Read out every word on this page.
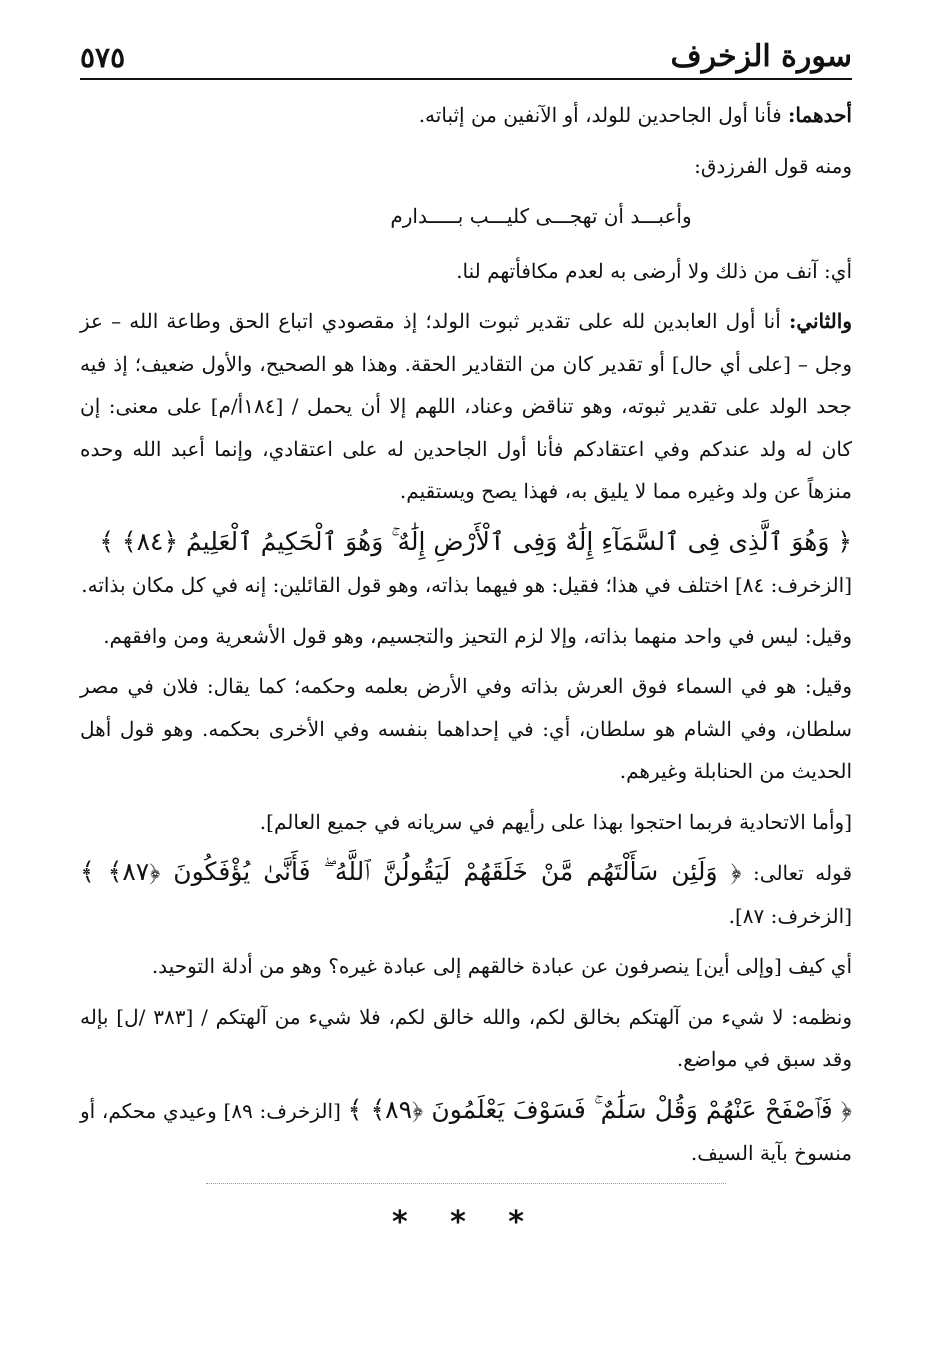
سورة الزخرف
٥٧٥

أحدهما: فأنا أول الجاحدين للولد، أو الآنفين من إثباته.

ومنه قول الفرزدق:

وأعبـــد أن تهجـــى كليـــب بـــــدارم

أي: آنف من ذلك ولا أرضى به لعدم مكافأتهم لنا.

والثاني: أنا أول العابدين لله على تقدير ثبوت الولد؛ إذ مقصودي اتباع الحق وطاعة الله – عز وجل – [على أي حال] أو تقدير كان من التقادير الحقة. وهذا هو الصحيح، والأول ضعيف؛ إذ فيه جحد الولد على تقدير ثبوته، وهو تناقض وعناد، اللهم إلا أن يحمل / [١٨٤أ/م] على معنى: إن كان له ولد عندكم وفي اعتقادكم فأنا أول الجاحدين له على اعتقادي، وإنما أعبد الله وحده منزهاً عن ولد وغيره مما لا يليق به، فهذا يصح ويستقيم.

﴿ وَهُوَ ٱلَّذِى فِى ٱلسَّمَآءِ إِلَٰهٌ وَفِى ٱلْأَرْضِ إِلَٰهٌ ۚ وَهُوَ ٱلْحَكِيمُ ٱلْعَلِيمُ ﴿٨٤﴾ ﴾
[الزخرف: ٨٤] اختلف في هذا؛ فقيل: هو فيهما بذاته، وهو قول القائلين: إنه في كل مكان بذاته.

وقيل: ليس في واحد منهما بذاته، وإلا لزم التحيز والتجسيم، وهو قول الأشعرية ومن وافقهم.

وقيل: هو في السماء فوق العرش بذاته وفي الأرض بعلمه وحكمه؛ كما يقال: فلان في مصر سلطان، وفي الشام هو سلطان، أي: في إحداهما بنفسه وفي الأخرى بحكمه. وهو قول أهل الحديث من الحنابلة وغيرهم.

[وأما الاتحادية فربما احتجوا بهذا على رأيهم في سريانه في جميع العالم].

قوله تعالى: ﴿ وَلَئِن سَأَلْتَهُم مَّنْ خَلَقَهُمْ لَيَقُولُنَّ ٱللَّهُ ۖ فَأَنَّىٰ يُؤْفَكُونَ ﴿٨٧﴾ ﴾ [الزخرف: ٨٧].

أي كيف [وإلى أين] ينصرفون عن عبادة خالقهم إلى عبادة غيره؟ وهو من أدلة التوحيد.

ونظمه: لا شيء من آلهتكم بخالق لكم، والله خالق لكم، فلا شيء من آلهتكم / [٣٨٣ /ل] بإله وقد سبق في مواضع.

﴿ فَٱصْفَحْ عَنْهُمْ وَقُلْ سَلَٰمٌ ۚ فَسَوْفَ يَعْلَمُونَ ﴿٨٩﴾ ﴾ [الزخرف: ٨٩] وعيدي محكم، أو منسوخ بآية السيف.

* * *
